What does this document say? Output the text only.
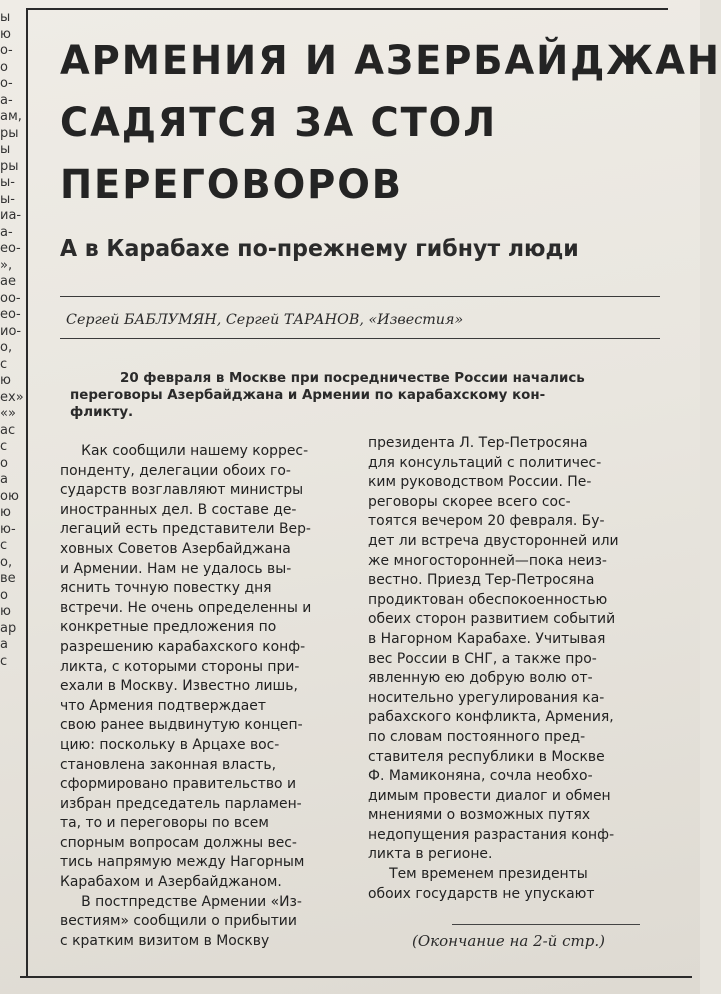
ы
ю
о-
о
о-
а-
ам,
ры
ы
ры
ы-
ы-
иа-
а-
ео-
»,
ае
оо-
ео-
ио-
о,
с
ю
ех»
«»
ас
с
о
а
ою
ю
ю-
с
о,
ве
о
ю
ар
а
с
АРМЕНИЯ И АЗЕРБАЙДЖАН
САДЯТСЯ ЗА СТОЛ
ПЕРЕГОВОРОВ
А в Карабахе по-прежнему гибнут люди
Сергей БАБЛУМЯН, Сергей ТАРАНОВ, «Известия»
20 февраля в Москве при посредничестве России начались
переговоры Азербайджана и Армении по карабахскому кон-
фликту.
Как сообщили нашему коррес-
понденту, делегации обоих го-
сударств возглавляют министры
иностранных дел. В составе де-
легаций есть представители Вер-
ховных Советов Азербайджана
и Армении. Нам не удалось вы-
яснить точную повестку дня
встречи. Не очень определенны и
конкретные предложения по
разрешению карабахского конф-
ликта, с которыми стороны при-
ехали в Москву. Известно лишь,
что Армения подтверждает
свою ранее выдвинутую концеп-
цию: поскольку в Арцахе вос-
становлена законная власть,
сформировано правительство и
избран председатель парламен-
та, то и переговоры по всем
спорным вопросам должны вес-
тись напрямую между Нагорным
Карабахом и Азербайджаном.
В постпредстве Армении «Из-
вестиям» сообщили о прибытии
с кратким визитом в Москву
президента Л. Тер-Петросяна
для консультаций с политичес-
ким руководством России. Пе-
реговоры скорее всего сос-
тоятся вечером 20 февраля. Бу-
дет ли встреча двусторонней или
же многосторонней—пока неиз-
вестно. Приезд Тер-Петросяна
продиктован обеспокоенностью
обеих сторон развитием событий
в Нагорном Карабахе. Учитывая
вес России в СНГ, а также про-
явленную ею добрую волю от-
носительно урегулирования ка-
рабахского конфликта, Армения,
по словам постоянного пред-
ставителя республики в Москве
Ф. Мамиконяна, сочла необхо-
димым провести диалог и обмен
мнениями о возможных путях
недопущения разрастания конф-
ликта в регионе.
Тем временем президенты
обоих государств не упускают
(Окончание на 2-й стр.)
